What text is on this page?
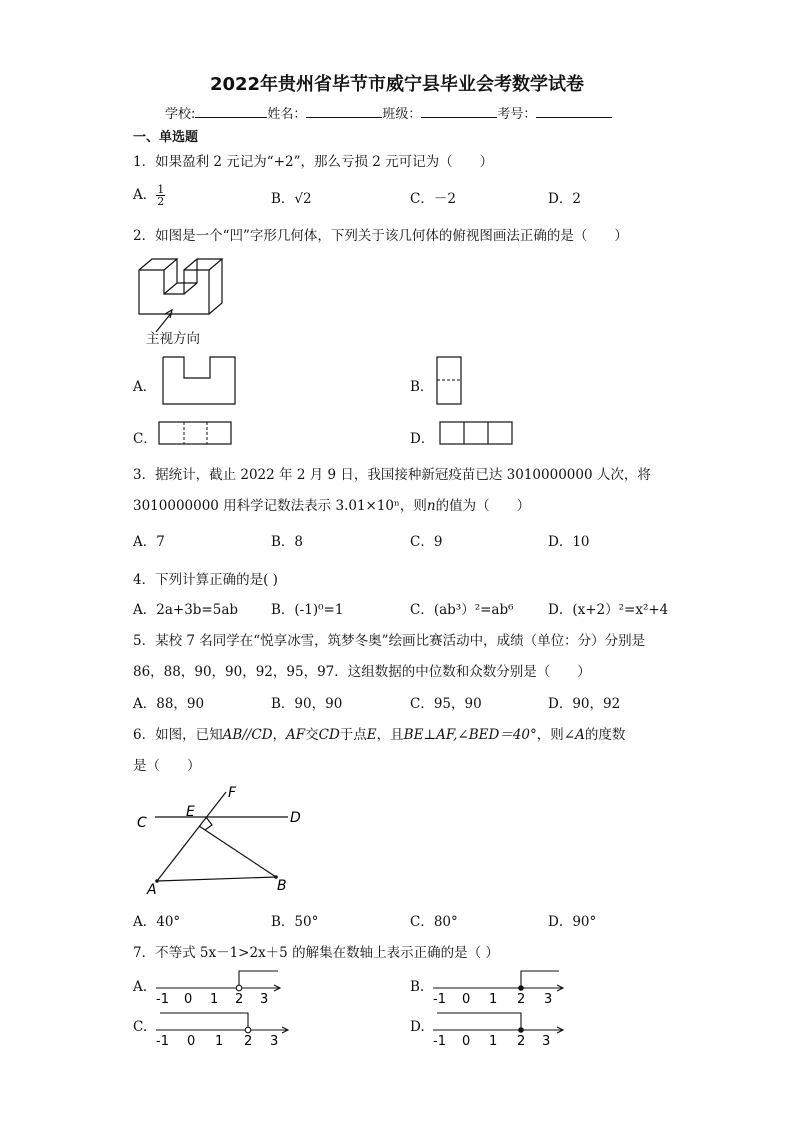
2022年贵州省毕节市威宁县毕业会考数学试卷
学校:	姓名：	班级：	考号：
一、单选题
1．如果盈利 2 元记为“+2”，那么亏损 2 元可记为（　　）
A． $\frac{1}{2}$	B．√2	C．－2	D．2
2．如图是一个“凹”字形几何体，下列关于该几何体的俯视图画法正确的是（　　）
主视方向
A．	B．
C．	D．
3．据统计，截止 2022 年 2 月 9 日，我国接种新冠疫苗已达 3010000000 人次，将
3010000000 用科学记数法表示 3.01×10ⁿ，则n的值为（　　）
A．7	B．8	C．9	D．10
4．下列计算正确的是( )
A．2a+3b=5ab B．(-1)⁰=1	C．(ab³）²=ab⁶	D．(x+2）²=x²+4
5．某校 7 名同学在“悦享冰雪，筑梦冬奥”绘画比赛活动中，成绩（单位：分）分别是
86，88，90，90，92，95，97．这组数据的中位数和众数分别是（　　）
A．88，90	B．90，90	C．95，90	D．90，92
6．如图，已知AB//CD，AF交CD于点E，且BE⊥AF,∠BED＝40°，则∠A的度数
是（　　）
C
E
F
D
A	B
A．40°	B．50°	C．80°	D．90°
7．不等式 5x－1>2x＋5 的解集在数轴上表示正确的是（ ）
A.
-1 0 1 2 3
B.
-1 0 1 2 3
C.
-1 0 1 2 3
D.
-1 0 1 2 3
